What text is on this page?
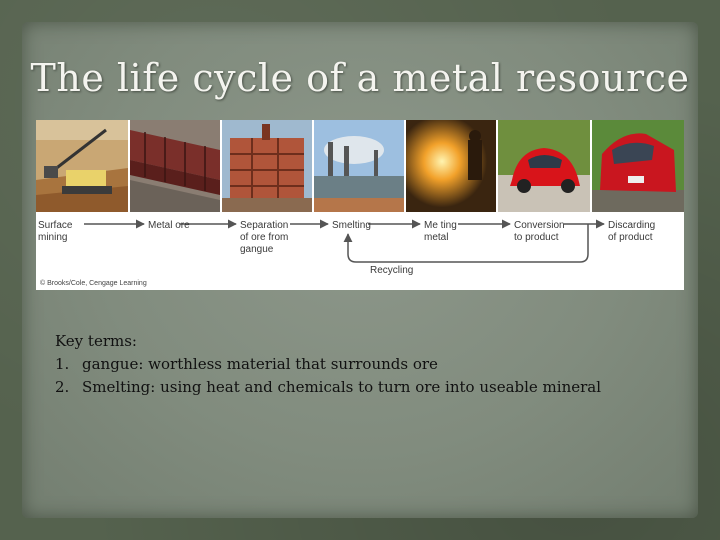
The life cycle of a metal resource
Surface
mining
Metal ore	Separation
of ore from
gangue
Smelting	Me ting
metal
Conversion
to product
Discarding
of product
Recycling
© Brooks/Cole, Cengage Learning
Key terms:
1. gangue: worthless material that surrounds ore
2. Smelting: using heat and chemicals to turn ore into useable mineral
